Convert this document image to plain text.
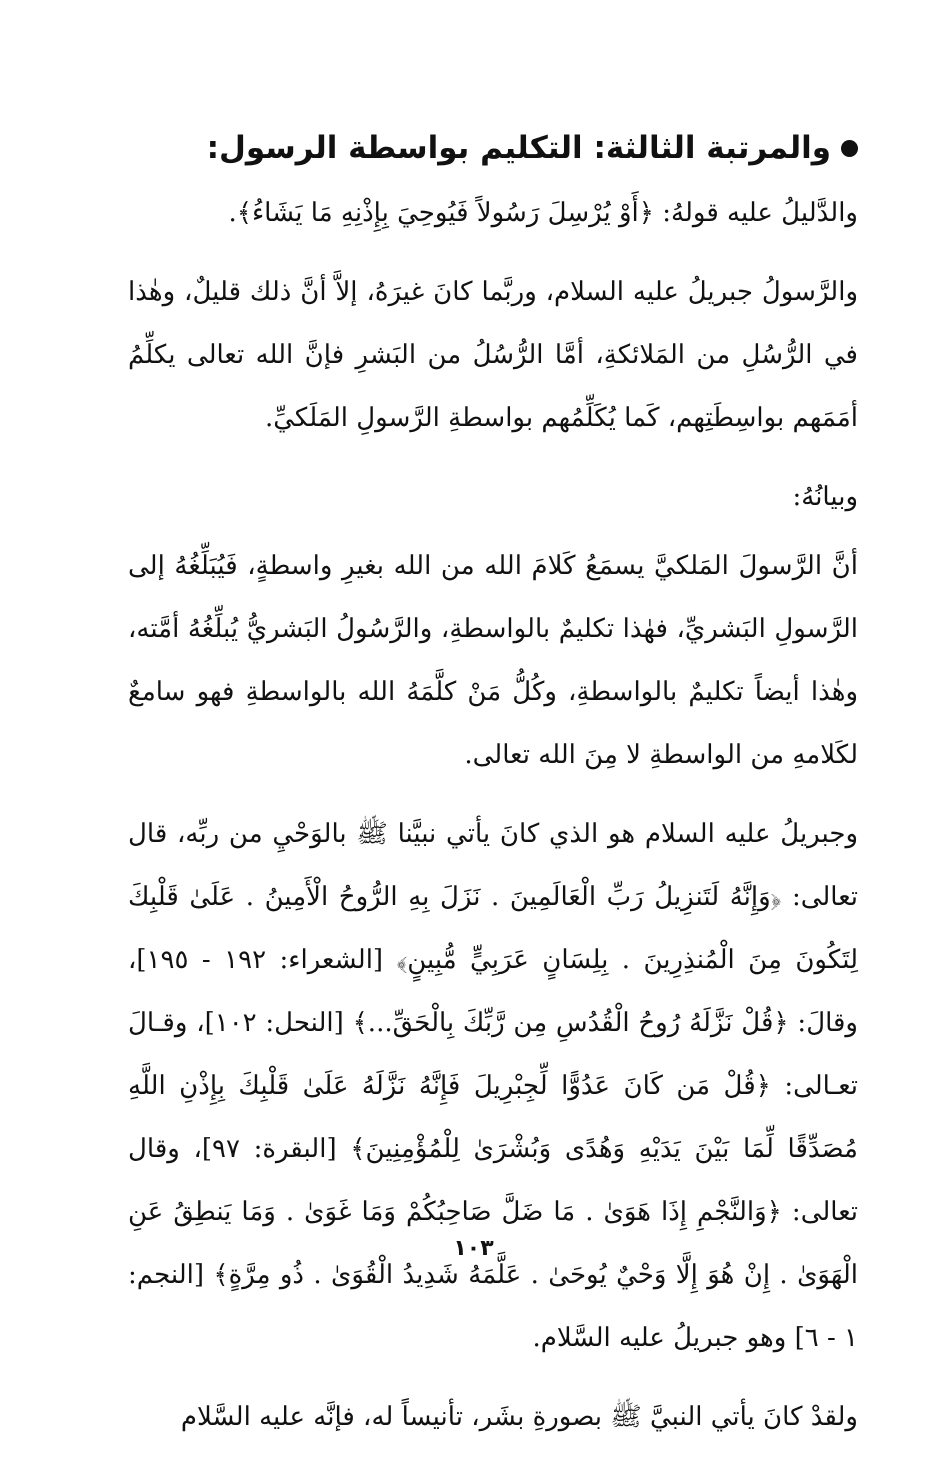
والمرتبة الثالثة: التكليم بواسطة الرسول:

والدَّليلُ عليه قولهُ: ﴿أَوْ يُرْسِلَ رَسُولاً فَيُوحِيَ بِإِذْنِهِ مَا يَشَاءُ﴾.

والرَّسولُ جبريلُ عليه السلام، وربَّما كانَ غيرَهُ، إلاَّ أنَّ ذلك قليلٌ، وهٰذا في الرُّسُلِ من المَلائكةِ، أمَّا الرُّسُلُ من البَشرِ فإنَّ الله تعالى يكلِّمُ أمَمَهم بواسِطَتِهم، كَما يُكَلِّمُهم بواسطةِ الرَّسولِ المَلَكيِّ.

وبيانُهُ:

أنَّ الرَّسولَ المَلكيَّ يسمَعُ كَلامَ الله من الله بغيرِ واسطةٍ، فَيُبَلِّغُهُ إلى الرَّسولِ البَشريِّ، فهٰذا تكليمٌ بالواسطةِ، والرَّسُولُ البَشريُّ يُبلِّغُهُ أمَّته، وهٰذا أيضاً تكليمٌ بالواسطةِ، وكُلُّ مَنْ كلَّمَهُ الله بالواسطةِ فهو سامعٌ لكَلامهِ من الواسطةِ لا مِنَ الله تعالى.

وجبريلُ عليه السلام هو الذي كانَ يأتي نبيَّنا ﷺ بالوَحْيِ من ربِّه، قال تعالى: ﴿وَإِنَّهُ لَتَنزِيلُ رَبِّ الْعَالَمِينَ . نَزَلَ بِهِ الرُّوحُ الْأَمِينُ . عَلَىٰ قَلْبِكَ لِتَكُونَ مِنَ الْمُنذِرِينَ . بِلِسَانٍ عَرَبِيٍّ مُّبِينٍ﴾ [الشعراء: ١٩٢ - ١٩٥]، وقالَ: ﴿قُلْ نَزَّلَهُ رُوحُ الْقُدُسِ مِن رَّبِّكَ بِالْحَقِّ...﴾ [النحل: ١٠٢]، وقـالَ تعـالى: ﴿قُلْ مَن كَانَ عَدُوًّا لِّجِبْرِيلَ فَإِنَّهُ نَزَّلَهُ عَلَىٰ قَلْبِكَ بِإِذْنِ اللَّهِ مُصَدِّقًا لِّمَا بَيْنَ يَدَيْهِ وَهُدًى وَبُشْرَىٰ لِلْمُؤْمِنِينَ﴾ [البقرة: ٩٧]، وقال تعالى: ﴿وَالنَّجْمِ إِذَا هَوَىٰ . مَا ضَلَّ صَاحِبُكُمْ وَمَا غَوَىٰ . وَمَا يَنطِقُ عَنِ الْهَوَىٰ . إِنْ هُوَ إِلَّا وَحْيٌ يُوحَىٰ . عَلَّمَهُ شَدِيدُ الْقُوَىٰ . ذُو مِرَّةٍ﴾ [النجم: ١ - ٦] وهو جبريلُ عليه السَّلام.

ولقدْ كانَ يأتي النبيَّ ﷺ بصورةِ بشَر، تأنيساً له، فإنَّه عليه السَّلام

١٠٣
